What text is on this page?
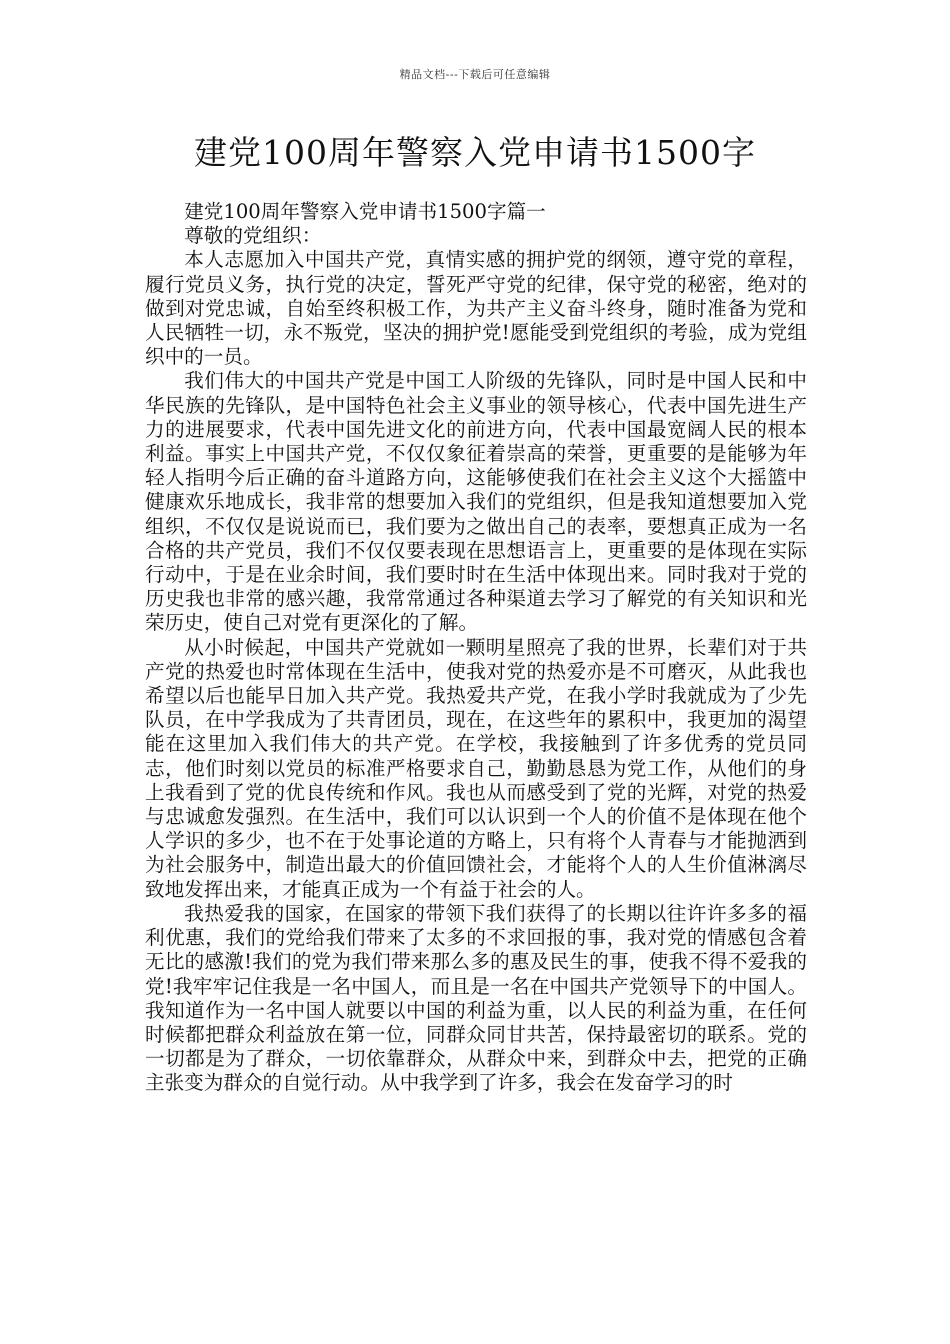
精品文档---下载后可任意编辑
建党100周年警察入党申请书1500字

建党100周年警察入党申请书1500字篇一

尊敬的党组织：

本人志愿加入中国共产党，真情实感的拥护党的纲领，遵守党的章程，履行党员义务，执行党的决定，誓死严守党的纪律，保守党的秘密，绝对的做到对党忠诚，自始至终积极工作，为共产主义奋斗终身，随时准备为党和人民牺牲一切，永不叛党，坚决的拥护党!愿能受到党组织的考验，成为党组织中的一员。

我们伟大的中国共产党是中国工人阶级的先锋队，同时是中国人民和中华民族的先锋队，是中国特色社会主义事业的领导核心，代表中国先进生产力的进展要求，代表中国先进文化的前进方向，代表中国最宽阔人民的根本利益。事实上中国共产党，不仅仅象征着崇高的荣誉，更重要的是能够为年轻人指明今后正确的奋斗道路方向，这能够使我们在社会主义这个大摇篮中健康欢乐地成长，我非常的想要加入我们的党组织，但是我知道想要加入党组织，不仅仅是说说而已，我们要为之做出自己的表率，要想真正成为一名合格的共产党员，我们不仅仅要表现在思想语言上，更重要的是体现在实际行动中，于是在业余时间，我们要时时在生活中体现出来。同时我对于党的历史我也非常的感兴趣，我常常通过各种渠道去学习了解党的有关知识和光荣历史，使自己对党有更深化的了解。

从小时候起，中国共产党就如一颗明星照亮了我的世界，长辈们对于共产党的热爱也时常体现在生活中，使我对党的热爱亦是不可磨灭，从此我也希望以后也能早日加入共产党。我热爱共产党，在我小学时我就成为了少先队员，在中学我成为了共青团员，现在，在这些年的累积中，我更加的渴望能在这里加入我们伟大的共产党。在学校，我接触到了许多优秀的党员同志，他们时刻以党员的标准严格要求自己，勤勤恳恳为党工作，从他们的身上我看到了党的优良传统和作风。我也从而感受到了党的光辉，对党的热爱与忠诚愈发强烈。在生活中，我们可以认识到一个人的价值不是体现在他个人学识的多少，也不在于处事论道的方略上，只有将个人青春与才能抛洒到为社会服务中，制造出最大的价值回馈社会，才能将个人的人生价值淋漓尽致地发挥出来，才能真正成为一个有益于社会的人。

我热爱我的国家，在国家的带领下我们获得了的长期以往许许多多的福利优惠，我们的党给我们带来了太多的不求回报的事，我对党的情感包含着无比的感激!我们的党为我们带来那么多的惠及民生的事，使我不得不爱我的党!我牢牢记住我是一名中国人，而且是一名在中国共产党领导下的中国人。我知道作为一名中国人就要以中国的利益为重，以人民的利益为重，在任何时候都把群众利益放在第一位，同群众同甘共苦，保持最密切的联系。党的一切都是为了群众，一切依靠群众，从群众中来，到群众中去，把党的正确主张变为群众的自觉行动。从中我学到了许多，我会在发奋学习的时
